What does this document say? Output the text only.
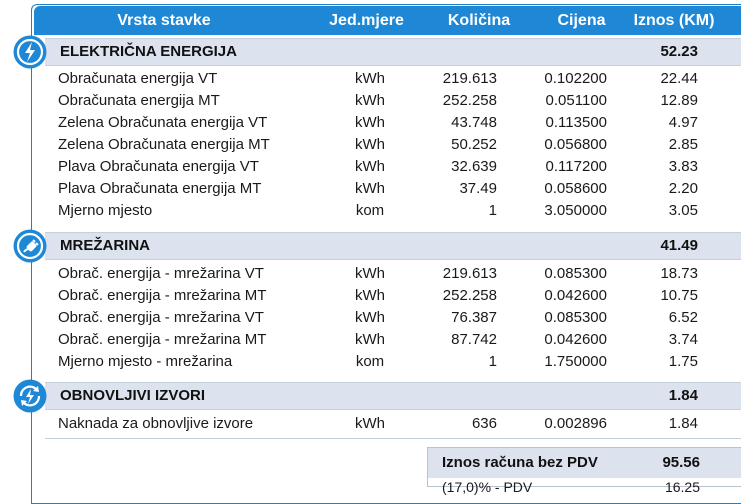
Vrsta stavke	Jed.mjere	Količina	Cijena	Iznos (KM)
ELEKTRIČNA ENERGIJA	52.23
Obračunata energija VT	kWh	219.613	0.102200	22.44
Obračunata energija MT	kWh	252.258	0.051100	12.89
Zelena Obračunata energija VT	kWh	43.748	0.113500	4.97
Zelena Obračunata energija MT	kWh	50.252	0.056800	2.85
Plava Obračunata energija VT	kWh	32.639	0.117200	3.83
Plava Obračunata energija MT	kWh	37.49	0.058600	2.20
Mjerno mjesto	kom	1	3.050000	3.05
MREŽARINA	41.49
Obrač. energija - mrežarina VT	kWh	219.613	0.085300	18.73
Obrač. energija - mrežarina MT	kWh	252.258	0.042600	10.75
Obrač. energija - mrežarina VT	kWh	76.387	0.085300	6.52
Obrač. energija - mrežarina MT	kWh	87.742	0.042600	3.74
Mjerno mjesto - mrežarina	kom	1	1.750000	1.75
OBNOVLJIVI IZVORI	1.84
Naknada za obnovljive izvore	kWh	636	0.002896	1.84
Iznos računa bez PDV	95.56
(17,0)% - PDV	16.25
